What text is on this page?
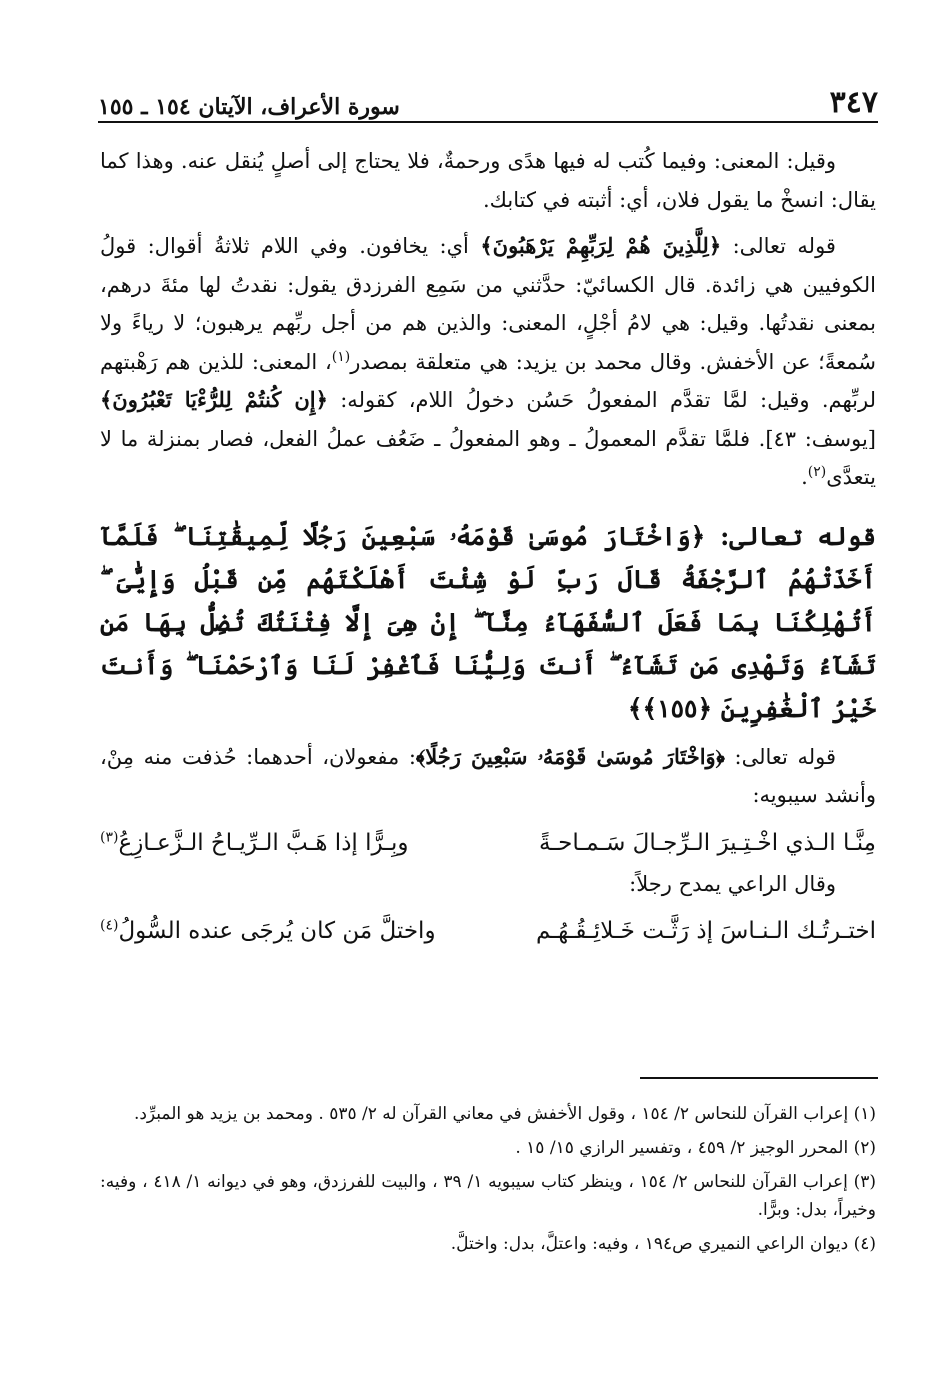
٣٤٧
سورة الأعراف، الآيتان ١٥٤ ـ ١٥٥

وقيل: المعنى: وفيما كُتب له فيها هدًى ورحمةٌ، فلا يحتاج إلى أصلٍ يُنقل عنه. وهذا كما يقال: انسخْ ما يقول فلان، أي: أثبته في كتابك.

قوله تعالى: ﴿لِلَّذِينَ هُمْ لِرَبِّهِمْ يَرْهَبُونَ﴾ أي: يخافون. وفي اللام ثلاثةُ أقوال: قولُ الكوفيين هي زائدة. قال الكسائيّ: حدَّثني من سَمِع الفرزدق يقول: نقدتُ لها مئةَ درهم، بمعنى نقدتُها. وقيل: هي لامُ أجْلٍ، المعنى: والذين هم من أجل ربِّهم يرهبون؛ لا رياءً ولا سُمعةً؛ عن الأخفش. وقال محمد بن يزيد: هي متعلقة بمصدر$^{(١)}$، المعنى: للذين هم رَهْبتهم لربِّهم. وقيل: لمَّا تقدَّم المفعولُ حَسُن دخولُ اللام، كقوله: ﴿إِن كُنتُمْ لِلرُّءْيَا تَعْبُرُونَ﴾ [يوسف: ٤٣]. فلمَّا تقدَّم المعمولُ ـ وهو المفعولُ ـ ضَعُف عملُ الفعل، فصار بمنزلة ما لا يتعدَّى$^{(٢)}$.

قوله تعالى: ﴿وَاخْتَارَ مُوسَىٰ قَوْمَهُۥ سَبْعِينَ رَجُلًا لِّمِيقَٰتِنَا ۖ فَلَمَّآ أَخَذَتْهُمُ ٱلرَّجْفَةُ قَالَ رَبِّ لَوْ شِئْتَ أَهْلَكْتَهُم مِّن قَبْلُ وَإِيَّٰىَ ۖ أَتُهْلِكُنَا بِمَا فَعَلَ ٱلسُّفَهَآءُ مِنَّآ ۖ إِنْ هِىَ إِلَّا فِتْنَتُكَ تُضِلُّ بِهَا مَن تَشَآءُ وَتَهْدِى مَن تَشَآءُ ۖ أَنتَ وَلِيُّنَا فَٱغْفِرْ لَنَا وَٱرْحَمْنَا ۖ وَأَنتَ خَيْرُ ٱلْغَٰفِرِينَ ﴿١٥٥﴾﴾

قوله تعالى: ﴿وَاخْتَارَ مُوسَىٰ قَوْمَهُۥ سَبْعِينَ رَجُلًا﴾: مفعولان، أحدهما: حُذفت منه مِنْ، وأنشد سيبويه:

مِنَّـا الـذي اخْـتِـيرَ الـرِّجـالَ سَـمـاحـةً
وبِـرًّا إذا هَـبَّ الـرِّيـاحُ الـزَّعـازِعُ$^{(٣)}$

وقال الراعي يمدح رجلاً:

اختـرتُـك الـنـاسَ إذ رَثَّـت خَـلائِـقُـهُـم
واختلَّ مَن كان يُرجَى عنده السُّولُ$^{(٤)}$

(١) إعراب القرآن للنحاس ٢/ ١٥٤ ، وقول الأخفش في معاني القرآن له ٢/ ٥٣٥ . ومحمد بن يزيد هو المبرِّد.

(٢) المحرر الوجيز ٢/ ٤٥٩ ، وتفسير الرازي ١٥/ ١٥ .

(٣) إعراب القرآن للنحاس ٢/ ١٥٤ ، وينظر كتاب سيبويه ١/ ٣٩ ، والبيت للفرزدق، وهو في ديوانه ١/ ٤١٨ ، وفيه: وخيراً، بدل: وبرًّا.

(٤) ديوان الراعي النميري ص١٩٤ ، وفيه: واعتلَّ، بدل: واختلَّ.
